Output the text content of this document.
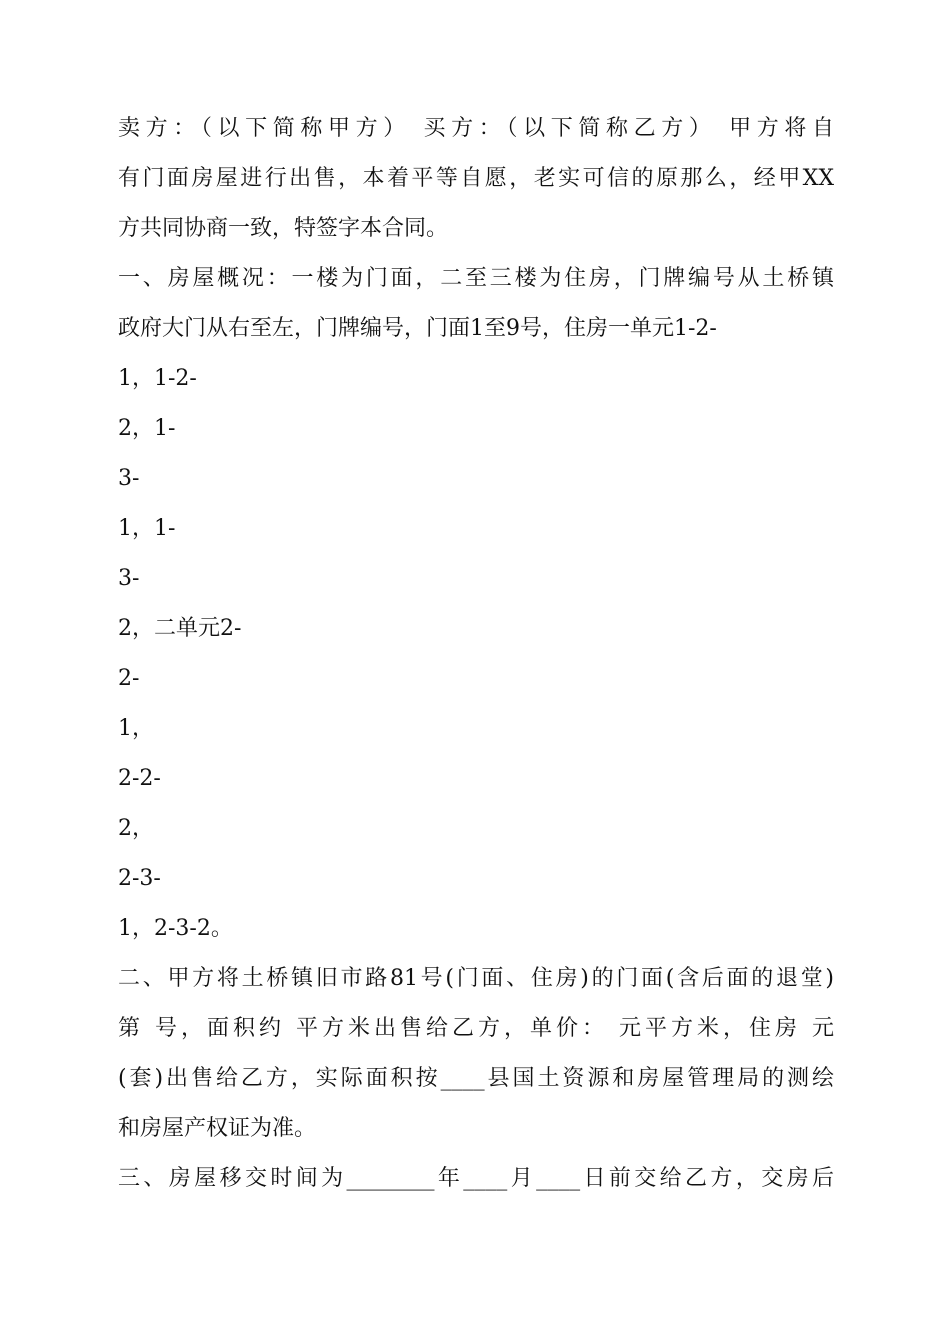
卖方：（以下简称甲方） 买方：（以下简称乙方） 甲方将自
有门面房屋进行出售，本着平等自愿，老实可信的原那么，经甲XX
方共同协商一致，特签字本合同。
一、房屋概况：一楼为门面，二至三楼为住房，门牌编号从土桥镇
政府大门从右至左，门牌编号，门面1至9号，住房一单元1-2-
1，1-2-
2，1-
3-
1，1-
3-
2，二单元2-
2-
1，
2-2-
2，
2-3-
1，2-3-2。
二、甲方将土桥镇旧市路81号(门面、住房)的门面(含后面的退堂)
第 号，面积约 平方米出售给乙方，单价： 元平方米，住房 元
(套)出售给乙方，实际面积按____县国土资源和房屋管理局的测绘
和房屋产权证为准。
三、房屋移交时间为________年____月____日前交给乙方，交房后
